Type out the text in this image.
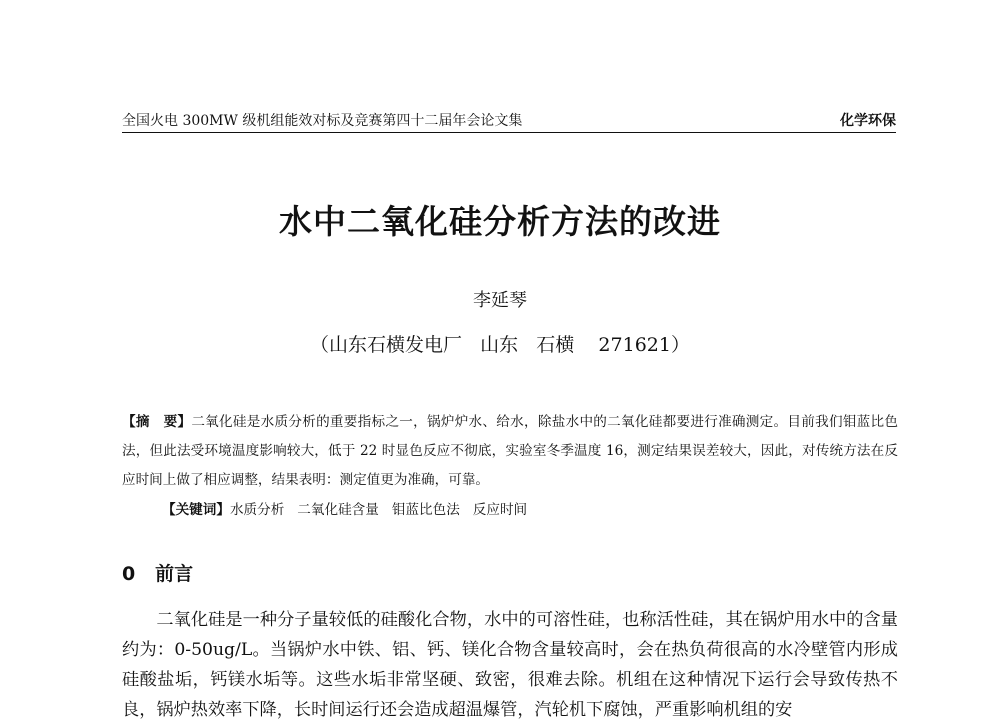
全国火电 300MW 级机组能效对标及竞赛第四十二届年会论文集	化学环保
水中二氧化硅分析方法的改进
李延琴
（山东石横发电厂   山东   石横    271621）
【摘　要】二氧化硅是水质分析的重要指标之一，锅炉炉水、给水，除盐水中的二氧化硅都要进行准确测定。目前我们钼蓝比色法，但此法受环境温度影响较大，低于 22 时显色反应不彻底，实验室冬季温度 16，测定结果误差较大，因此，对传统方法在反应时间上做了相应调整，结果表明：测定值更为准确，可靠。
【关键词】水质分析   二氧化硅含量   钼蓝比色法   反应时间
0 前言
二氧化硅是一种分子量较低的硅酸化合物，水中的可溶性硅，也称活性硅，其在锅炉用水中的含量约为：0-50ug/L。当锅炉水中铁、铝、钙、镁化合物含量较高时，会在热负荷很高的水冷壁管内形成硅酸盐垢，钙镁水垢等。这些水垢非常坚硬、致密，很难去除。机组在这种情况下运行会导致传热不良，锅炉热效率下降，长时间运行还会造成超温爆管，汽轮机下腐蚀，严重影响机组的安
